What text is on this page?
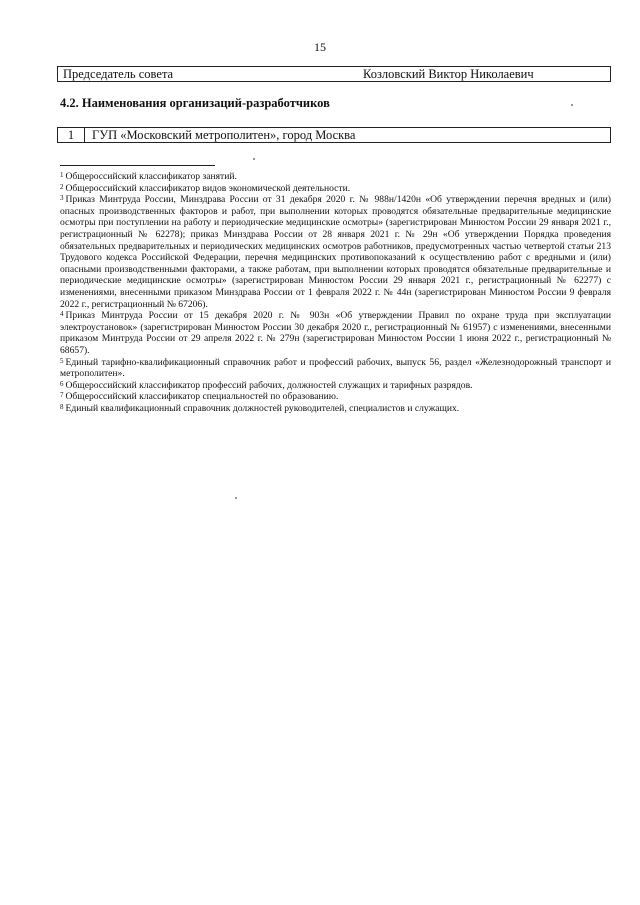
15
Председатель совета	Козловский Виктор Николаевич
4.2. Наименования организаций-разработчиков
1	ГУП «Московский метрополитен», город Москва

$^1$ Общероссийский классификатор занятий.

$^2$ Общероссийский классификатор видов экономической деятельности.

$^3$ Приказ Минтруда России, Минздрава России от 31 декабря 2020 г. № 988н/1420н «Об утверждении перечня вредных и (или) опасных производственных факторов и работ, при выполнении которых проводятся обязательные предварительные медицинские осмотры при поступлении на работу и периодические медицинские осмотры» (зарегистрирован Минюстом России 29 января 2021 г., регистрационный № 62278); приказ Минздрава России от 28 января 2021 г. № 29н «Об утверждении Порядка проведения обязательных предварительных и периодических медицинских осмотров работников, предусмотренных частью четвертой статьи 213 Трудового кодекса Российской Федерации, перечня медицинских противопоказаний к осуществлению работ с вредными и (или) опасными производственными факторами, а также работам, при выполнении которых проводятся обязательные предварительные и периодические медицинские осмотры» (зарегистрирован Минюстом России 29 января 2021 г., регистрационный № 62277) с изменениями, внесенными приказом Минздрава России от 1 февраля 2022 г. № 44н (зарегистрирован Минюстом России 9 февраля 2022 г., регистрационный № 67206).

$^4$ Приказ Минтруда России от 15 декабря 2020 г. № 903н «Об утверждении Правил по охране труда при эксплуатации электроустановок» (зарегистрирован Минюстом России 30 декабря 2020 г., регистрационный № 61957) с изменениями, внесенными приказом Минтруда России от 29 апреля 2022 г. № 279н (зарегистрирован Минюстом России 1 июня 2022 г., регистрационный № 68657).

$^5$ Единый тарифно-квалификационный справочник работ и профессий рабочих, выпуск 56, раздел «Железнодорожный транспорт и метрополитен».

$^6$ Общероссийский классификатор профессий рабочих, должностей служащих и тарифных разрядов.

$^7$ Общероссийский классификатор специальностей по образованию.

$^8$ Единый квалификационный справочник должностей руководителей, специалистов и служащих.
